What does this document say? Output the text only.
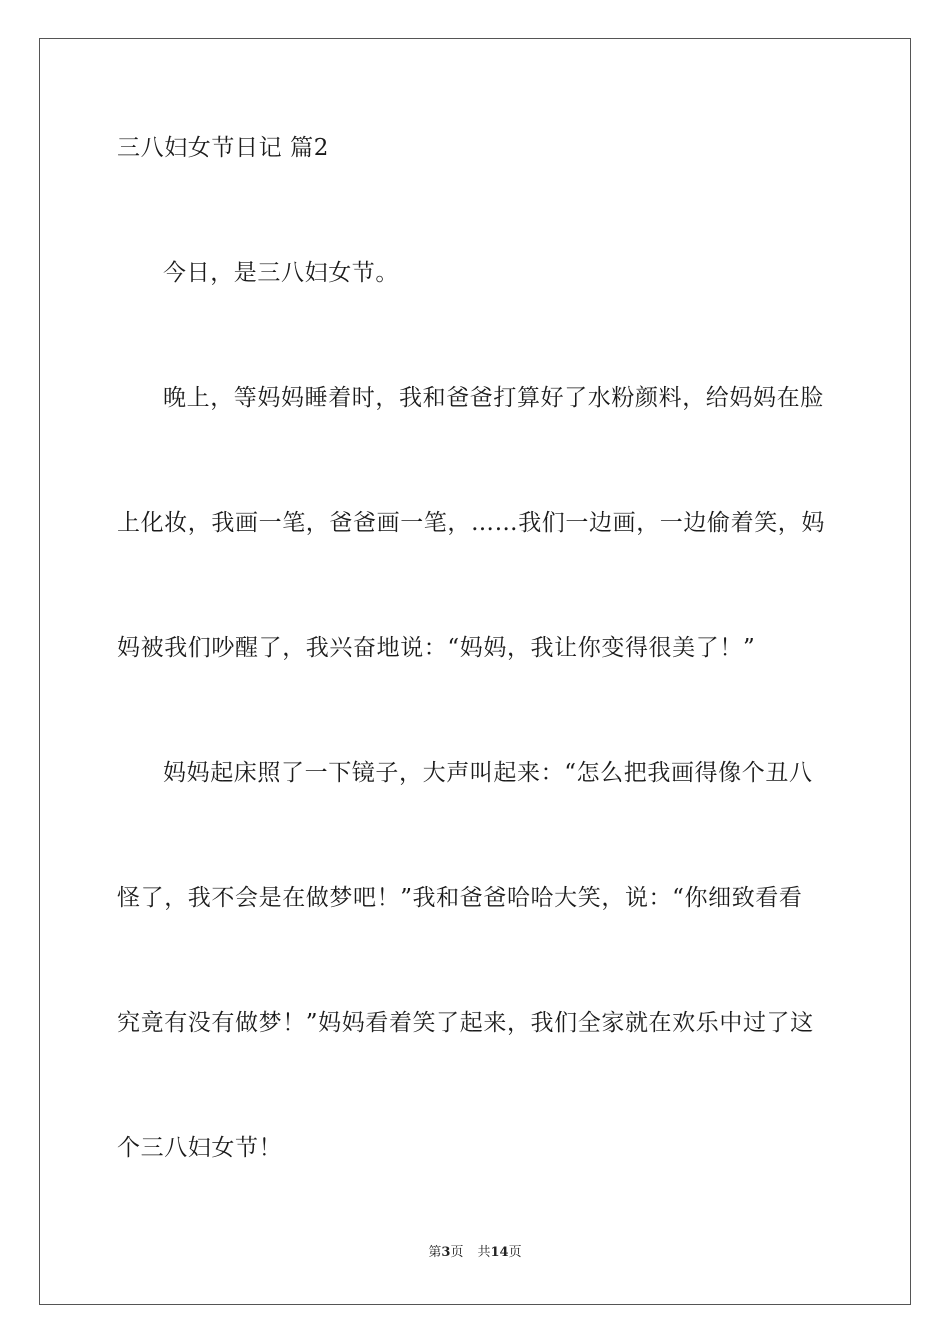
三八妇女节日记 篇2
今日，是三八妇女节。
晚上，等妈妈睡着时，我和爸爸打算好了水粉颜料，给妈妈在脸
上化妆，我画一笔，爸爸画一笔，……我们一边画，一边偷着笑，妈
妈被我们吵醒了，我兴奋地说：“妈妈，我让你变得很美了！”
妈妈起床照了一下镜子，大声叫起来：“怎么把我画得像个丑八
怪了，我不会是在做梦吧！”我和爸爸哈哈大笑，说：“你细致看看
究竟有没有做梦！”妈妈看着笑了起来，我们全家就在欢乐中过了这
个三八妇女节！
第3页 共14页
